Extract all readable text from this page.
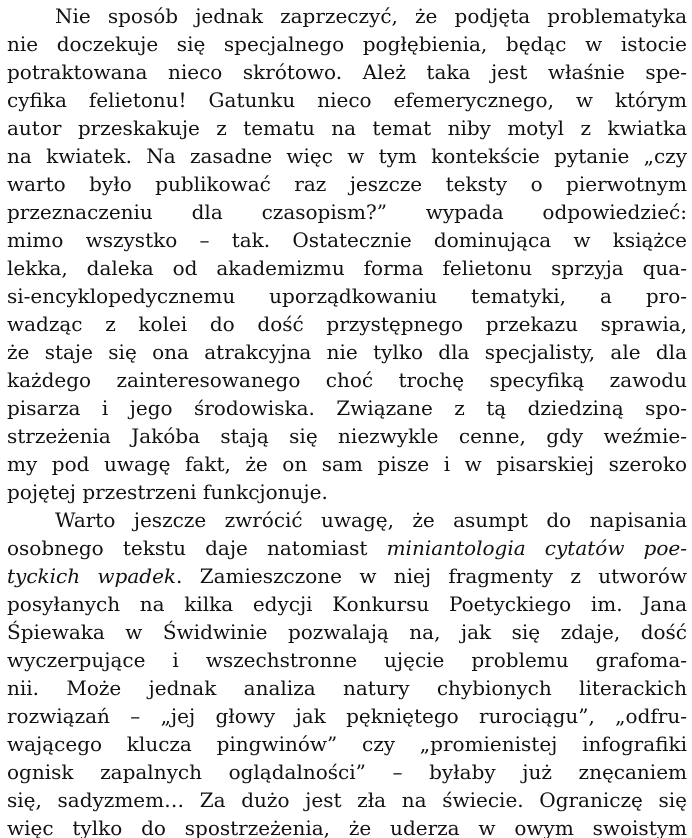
Nie sposób jednak zaprzeczyć, że podjęta problematyka
nie doczekuje się specjalnego pogłębienia, będąc w istocie
potraktowana nieco skrótowo. Ależ taka jest właśnie spe-
cyfika felietonu! Gatunku nieco efemerycznego, w którym
autor przeskakuje z tematu na temat niby motyl z kwiatka
na kwiatek. Na zasadne więc w tym kontekście pytanie „czy
warto było publikować raz jeszcze teksty o pierwotnym
przeznaczeniu dla czasopism?” wypada odpowiedzieć:
mimo wszystko – tak. Ostatecznie dominująca w książce
lekka, daleka od akademizmu forma felietonu sprzyja qua-
si-encyklopedycznemu uporządkowaniu tematyki, a pro-
wadząc z kolei do dość przystępnego przekazu sprawia,
że staje się ona atrakcyjna nie tylko dla specjalisty, ale dla
każdego zainteresowanego choć trochę specyfiką zawodu
pisarza i jego środowiska. Związane z tą dziedziną spo-
strzeżenia Jakóba stają się niezwykle cenne, gdy weźmie-
my pod uwagę fakt, że on sam pisze i w pisarskiej szeroko
pojętej przestrzeni funkcjonuje.
Warto jeszcze zwrócić uwagę, że asumpt do napisania
osobnego tekstu daje natomiast miniantologia cytatów poe-
tyckich wpadek. Zamieszczone w niej fragmenty z utworów
posyłanych na kilka edycji Konkursu Poetyckiego im. Jana
Śpiewaka w Świdwinie pozwalają na, jak się zdaje, dość
wyczerpujące i wszechstronne ujęcie problemu grafoma-
nii. Może jednak analiza natury chybionych literackich
rozwiązań – „jej głowy jak pękniętego rurociągu”, „odfru-
wającego klucza pingwinów” czy „promienistej infografiki
ognisk zapalnych oglądalności” – byłaby już znęcaniem
się, sadyzmem… Za dużo jest zła na świecie. Ograniczę się
więc tylko do spostrzeżenia, że uderza w owym swoistym
